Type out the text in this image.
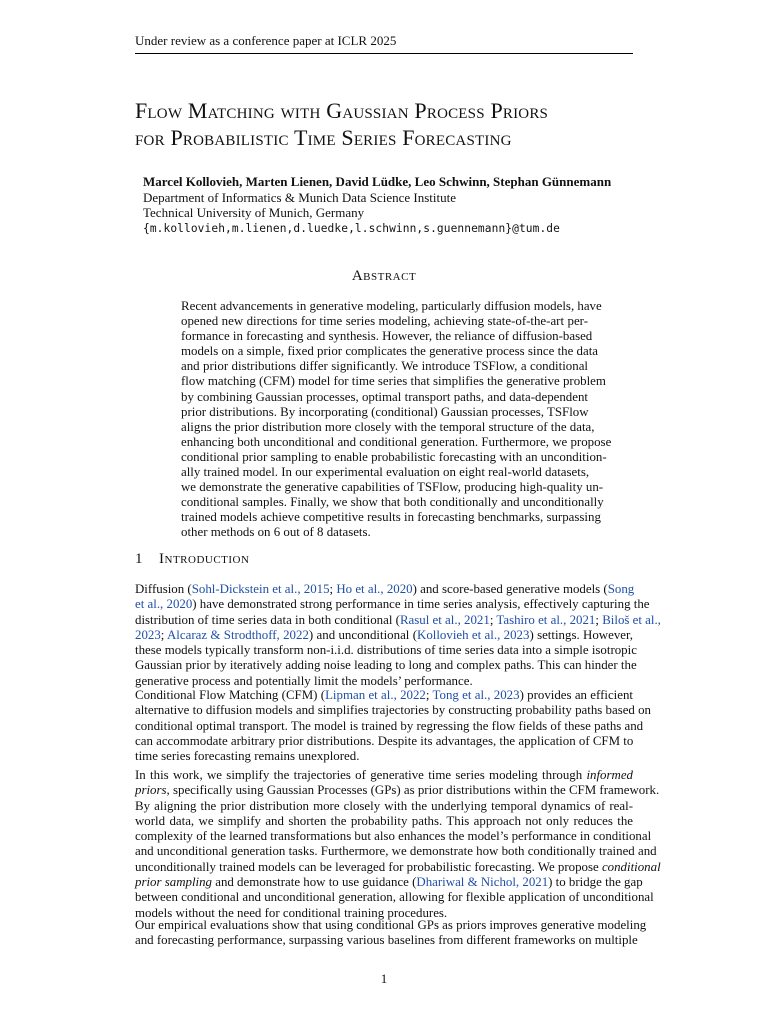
Under review as a conference paper at ICLR 2025
Flow Matching with Gaussian Process Priors
for Probabilistic Time Series Forecasting
Marcel Kollovieh, Marten Lienen, David Lüdke, Leo Schwinn, Stephan Günnemann
Department of Informatics & Munich Data Science Institute
Technical University of Munich, Germany
{m.kollovieh,m.lienen,d.luedke,l.schwinn,s.guennemann}@tum.de
Abstract
Recent advancements in generative modeling, particularly diffusion models, have
opened new directions for time series modeling, achieving state-of-the-art per-
formance in forecasting and synthesis. However, the reliance of diffusion-based
models on a simple, fixed prior complicates the generative process since the data
and prior distributions differ significantly. We introduce TSFlow, a conditional
flow matching (CFM) model for time series that simplifies the generative problem
by combining Gaussian processes, optimal transport paths, and data-dependent
prior distributions. By incorporating (conditional) Gaussian processes, TSFlow
aligns the prior distribution more closely with the temporal structure of the data,
enhancing both unconditional and conditional generation. Furthermore, we propose
conditional prior sampling to enable probabilistic forecasting with an uncondition-
ally trained model. In our experimental evaluation on eight real-world datasets,
we demonstrate the generative capabilities of TSFlow, producing high-quality un-
conditional samples. Finally, we show that both conditionally and unconditionally
trained models achieve competitive results in forecasting benchmarks, surpassing
other methods on 6 out of 8 datasets.
1 Introduction
Diffusion (Sohl-Dickstein et al., 2015; Ho et al., 2020) and score-based generative models (Song
et al., 2020) have demonstrated strong performance in time series analysis, effectively capturing the
distribution of time series data in both conditional (Rasul et al., 2021; Tashiro et al., 2021; Biloš et al.,
2023; Alcaraz & Strodthoff, 2022) and unconditional (Kollovieh et al., 2023) settings. However,
these models typically transform non-i.i.d. distributions of time series data into a simple isotropic
Gaussian prior by iteratively adding noise leading to long and complex paths. This can hinder the
generative process and potentially limit the models’ performance.
Conditional Flow Matching (CFM) (Lipman et al., 2022; Tong et al., 2023) provides an efficient
alternative to diffusion models and simplifies trajectories by constructing probability paths based on
conditional optimal transport. The model is trained by regressing the flow fields of these paths and
can accommodate arbitrary prior distributions. Despite its advantages, the application of CFM to
time series forecasting remains unexplored.
In this work, we simplify the trajectories of generative time series modeling through informed
priors, specifically using Gaussian Processes (GPs) as prior distributions within the CFM framework.
By aligning the prior distribution more closely with the underlying temporal dynamics of real-
world data, we simplify and shorten the probability paths. This approach not only reduces the
complexity of the learned transformations but also enhances the model’s performance in conditional
and unconditional generation tasks. Furthermore, we demonstrate how both conditionally trained and
unconditionally trained models can be leveraged for probabilistic forecasting. We propose conditional
prior sampling and demonstrate how to use guidance (Dhariwal & Nichol, 2021) to bridge the gap
between conditional and unconditional generation, allowing for flexible application of unconditional
models without the need for conditional training procedures.
Our empirical evaluations show that using conditional GPs as priors improves generative modeling
and forecasting performance, surpassing various baselines from different frameworks on multiple
1
